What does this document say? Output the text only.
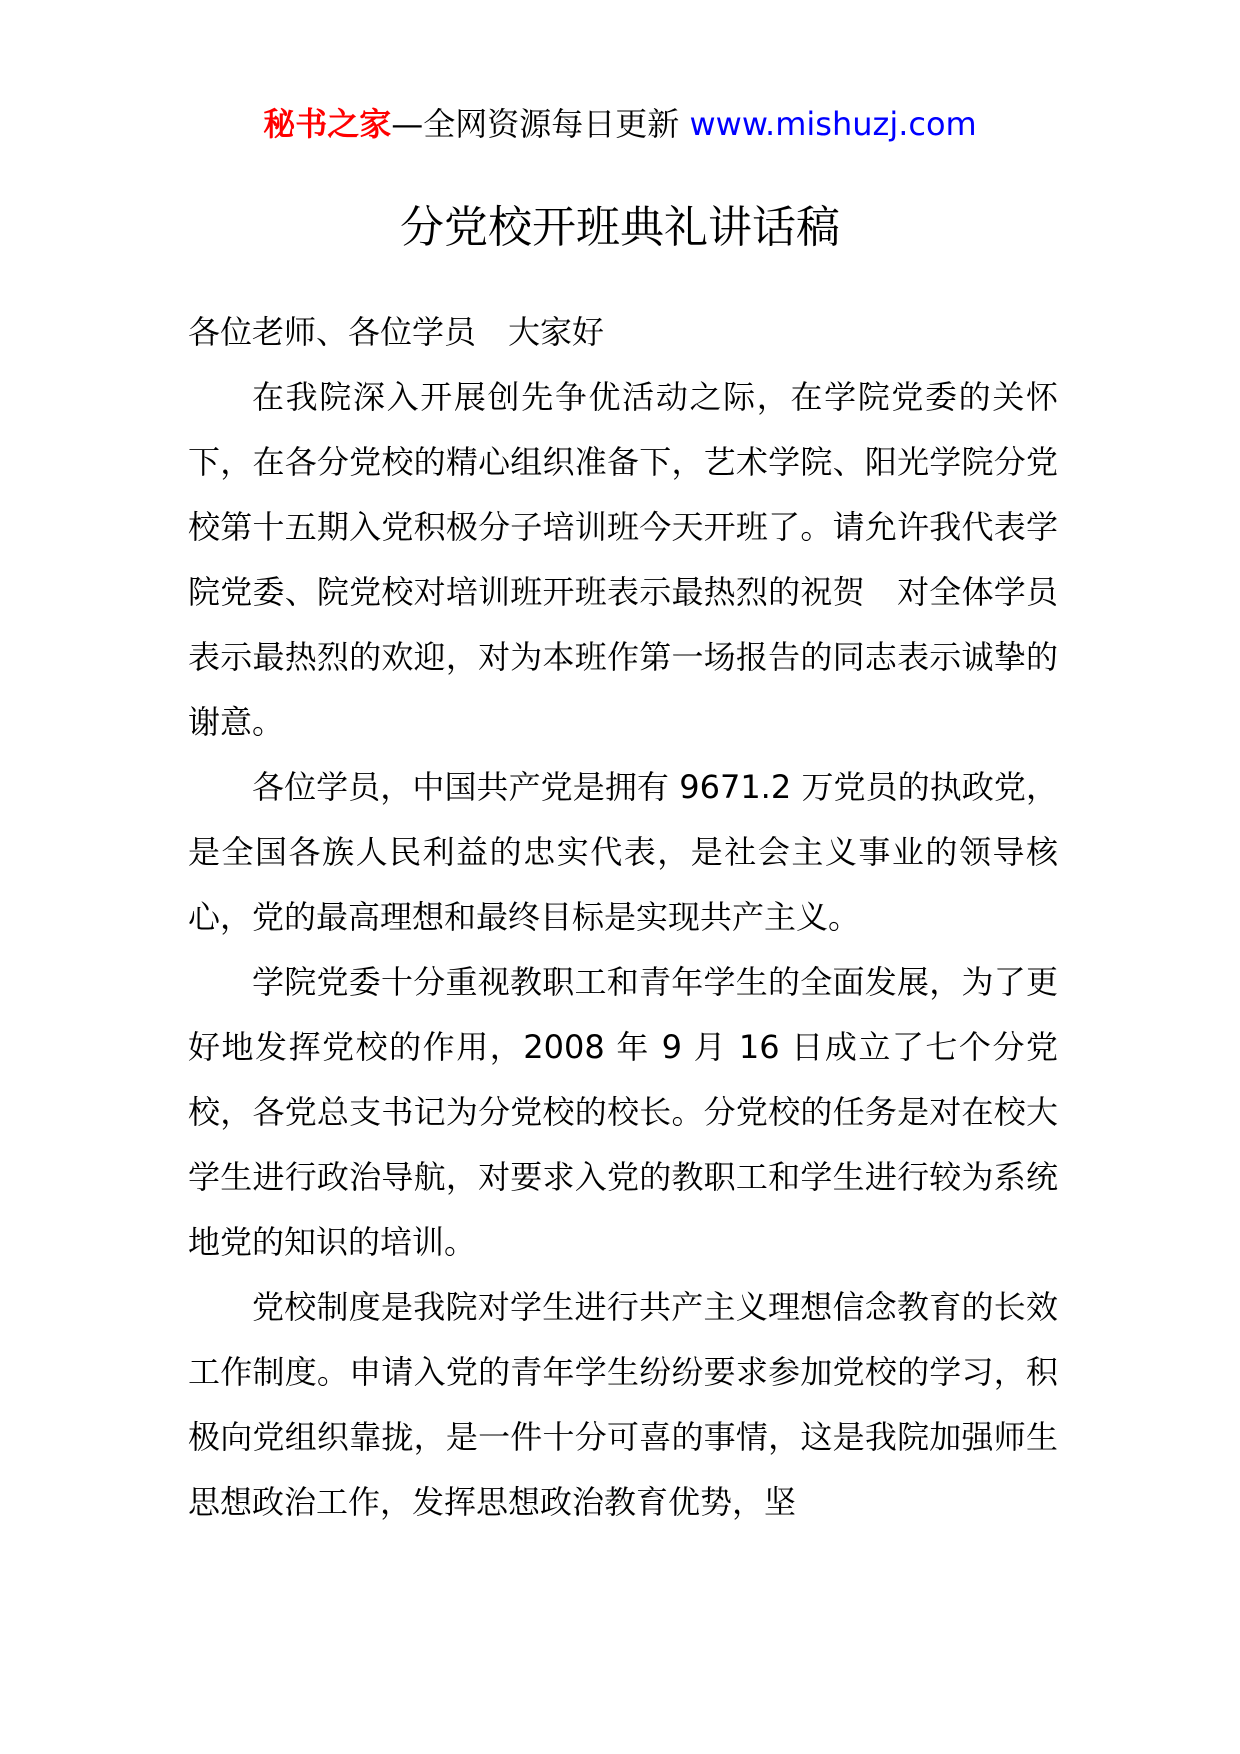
秘书之家—全网资源每日更新 www.mishuzj.com
分党校开班典礼讲话稿

各位老师、各位学员　大家好

在我院深入开展创先争优活动之际，在学院党委的关怀下，在各分党校的精心组织准备下，艺术学院、阳光学院分党校第十五期入党积极分子培训班今天开班了。请允许我代表学院党委、院党校对培训班开班表示最热烈的祝贺　对全体学员表示最热烈的欢迎，对为本班作第一场报告的同志表示诚挚的谢意。

各位学员，中国共产党是拥有 9671.2 万党员的执政党，是全国各族人民利益的忠实代表，是社会主义事业的领导核心，党的最高理想和最终目标是实现共产主义。

学院党委十分重视教职工和青年学生的全面发展，为了更好地发挥党校的作用，2008 年 9 月 16 日成立了七个分党校，各党总支书记为分党校的校长。分党校的任务是对在校大学生进行政治导航，对要求入党的教职工和学生进行较为系统地党的知识的培训。

党校制度是我院对学生进行共产主义理想信念教育的长效工作制度。申请入党的青年学生纷纷要求参加党校的学习，积极向党组织靠拢，是一件十分可喜的事情，这是我院加强师生思想政治工作，发挥思想政治教育优势，坚
